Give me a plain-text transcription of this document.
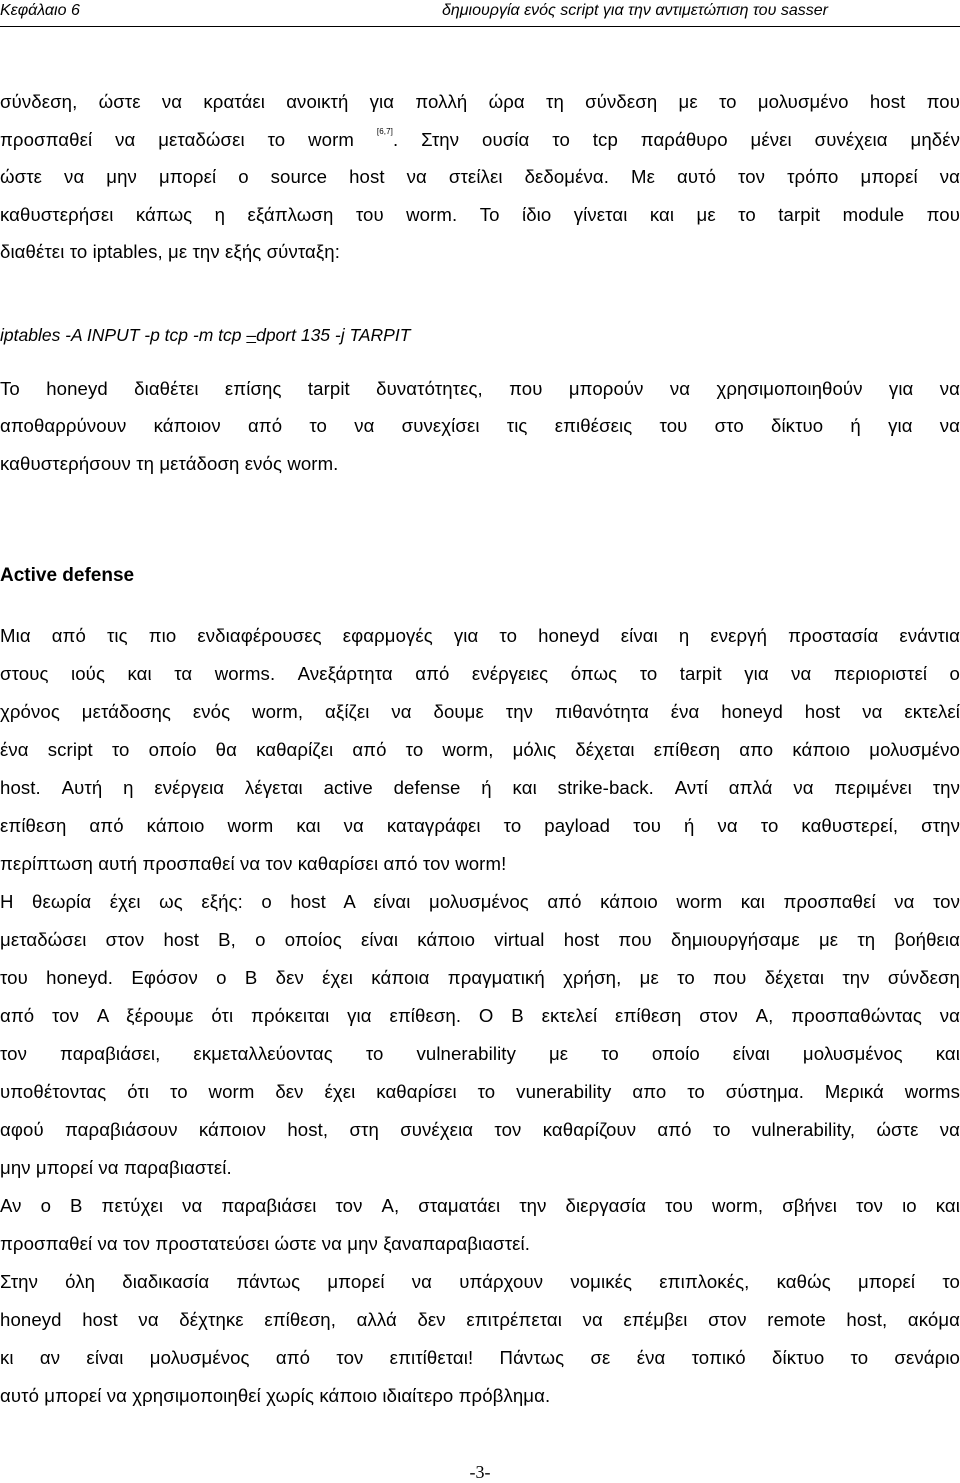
Κεφάλαιο 6	δημιουργία ενός script για την αντιμετώπιση του sasser
σύνδεση, ώστε να κρατάει ανοικτή για πολλή ώρα τη σύνδεση με το μολυσμένο host που
προσπαθεί να μεταδώσει το worm [6,7]. Στην ουσία το tcp παράθυρο μένει συνέχεια μηδέν
ώστε να μην μπορεί ο source host να στείλει δεδομένα. Με αυτό τον τρόπο μπορεί να
καθυστερήσει κάπως η εξάπλωση του worm. Το ίδιο γίνεται και με το tarpit module που
διαθέτει το iptables, με την εξής σύνταξη:
iptables -A INPUT -p tcp -m tcp –dport 135 -j TARPIT
Το honeyd διαθέτει επίσης tarpit δυνατότητες, που μπορούν να χρησιμοποιηθούν για να
αποθαρρύνουν κάποιον από το να συνεχίσει τις επιθέσεις του στο δίκτυο ή για να
καθυστερήσουν τη μετάδοση ενός worm.
Active defense
Μια από τις πιο ενδιαφέρουσες εφαρμογές για το honeyd είναι η ενεργή προστασία ενάντια
στους ιούς και τα worms. Ανεξάρτητα από ενέργειες όπως το tarpit για να περιοριστεί ο
χρόνος μετάδοσης ενός worm, αξίζει να δουμε την πιθανότητα ένα honeyd host να εκτελεί
ένα script το οποίο θα καθαρίζει από το worm, μόλις δέχεται επίθεση απο κάποιο μολυσμένο
host. Αυτή η ενέργεια λέγεται active defense ή και strike-back. Αντί απλά να περιμένει την
επίθεση από κάποιο worm και να καταγράφει το payload του ή να το καθυστερεί, στην
περίπτωση αυτή προσπαθεί να τον καθαρίσει από τον worm!
Η θεωρία έχει ως εξής: ο host A είναι μολυσμένος από κάποιο worm και προσπαθεί να τον
μεταδώσει στον host B, ο οποίος είναι κάποιο virtual host που δημιουργήσαμε με τη βοήθεια
του honeyd. Εφόσον ο B δεν έχει κάποια πραγματική χρήση, με το που δέχεται την σύνδεση
από τον A ξέρουμε ότι πρόκειται για επίθεση. O B εκτελεί επίθεση στον A, προσπαθώντας να
τον παραβιάσει, εκμεταλλεύοντας το vulnerability με το οποίο είναι μολυσμένος και
υποθέτοντας ότι το worm δεν έχει καθαρίσει το vunerability απο το σύστημα. Μερικά worms
αφού παραβιάσουν κάποιον host, στη συνέχεια τον καθαρίζουν από το vulnerability, ώστε να
μην μπορεί να παραβιαστεί.
Αν ο B πετύχει να παραβιάσει τον A, σταματάει την διεργασία του worm, σβήνει τον ιο και
προσπαθεί να τον προστατεύσει ώστε να μην ξαναπαραβιαστεί.
Στην όλη διαδικασία πάντως μπορεί να υπάρχουν νομικές επιπλοκές, καθώς μπορεί το
honeyd host να δέχτηκε επίθεση, αλλά δεν επιτρέπεται να επέμβει στον remote host, ακόμα
κι αν είναι μολυσμένος από τον επιτίθεται! Πάντως σε ένα τοπικό δίκτυο το σενάριο
αυτό μπορεί να χρησιμοποιηθεί χωρίς κάποιο ιδιαίτερο πρόβλημα.
-3-
